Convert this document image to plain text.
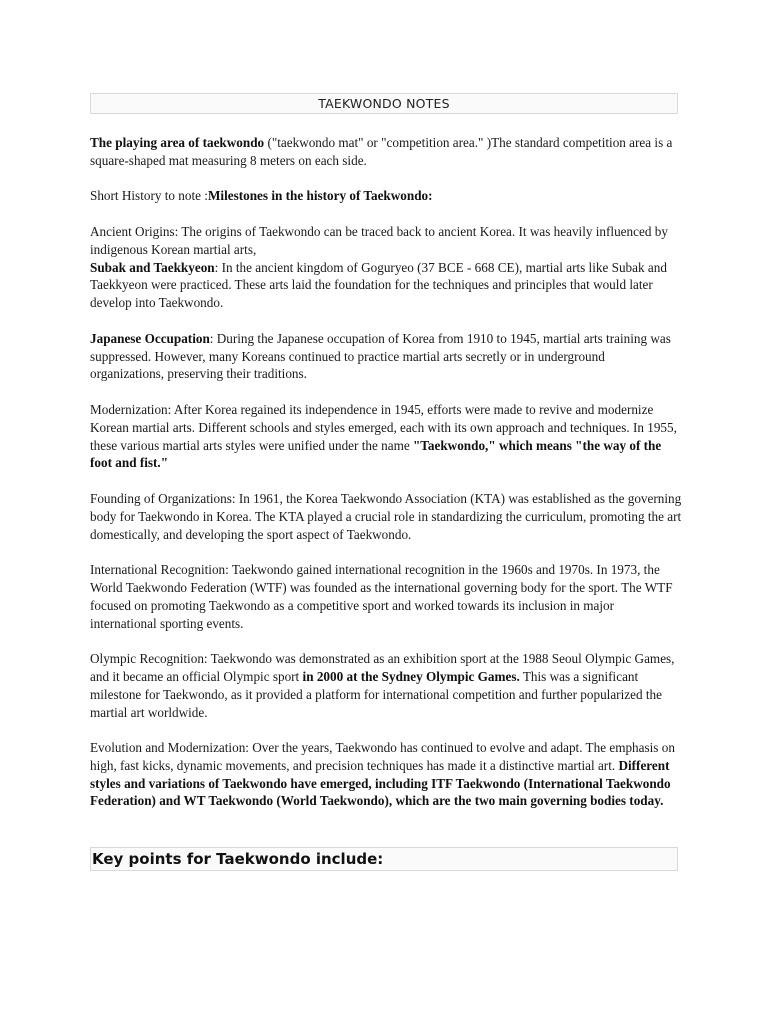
TAEKWONDO NOTES

The playing area of taekwondo ("taekwondo mat" or "competition area." )The standard competition area is a square-shaped mat measuring 8 meters on each side.

Short History to note :Milestones in the history of Taekwondo:

Ancient Origins: The origins of Taekwondo can be traced back to ancient Korea. It was heavily influenced by indigenous Korean martial arts,

Subak and Taekkyeon: In the ancient kingdom of Goguryeo (37 BCE - 668 CE), martial arts like Subak and Taekkyeon were practiced. These arts laid the foundation for the techniques and principles that would later develop into Taekwondo.

Japanese Occupation: During the Japanese occupation of Korea from 1910 to 1945, martial arts training was suppressed. However, many Koreans continued to practice martial arts secretly or in underground organizations, preserving their traditions.

Modernization: After Korea regained its independence in 1945, efforts were made to revive and modernize Korean martial arts. Different schools and styles emerged, each with its own approach and techniques. In 1955, these various martial arts styles were unified under the name "Taekwondo," which means "the way of the foot and fist."

Founding of Organizations: In 1961, the Korea Taekwondo Association (KTA) was established as the governing body for Taekwondo in Korea. The KTA played a crucial role in standardizing the curriculum, promoting the art domestically, and developing the sport aspect of Taekwondo.

International Recognition: Taekwondo gained international recognition in the 1960s and 1970s. In 1973, the World Taekwondo Federation (WTF) was founded as the international governing body for the sport. The WTF focused on promoting Taekwondo as a competitive sport and worked towards its inclusion in major international sporting events.

Olympic Recognition: Taekwondo was demonstrated as an exhibition sport at the 1988 Seoul Olympic Games, and it became an official Olympic sport in 2000 at the Sydney Olympic Games. This was a significant milestone for Taekwondo, as it provided a platform for international competition and further popularized the martial art worldwide.

Evolution and Modernization: Over the years, Taekwondo has continued to evolve and adapt. The emphasis on high, fast kicks, dynamic movements, and precision techniques has made it a distinctive martial art. Different styles and variations of Taekwondo have emerged, including ITF Taekwondo (International Taekwondo Federation) and WT Taekwondo (World Taekwondo), which are the two main governing bodies today.

Key points for Taekwondo include:
